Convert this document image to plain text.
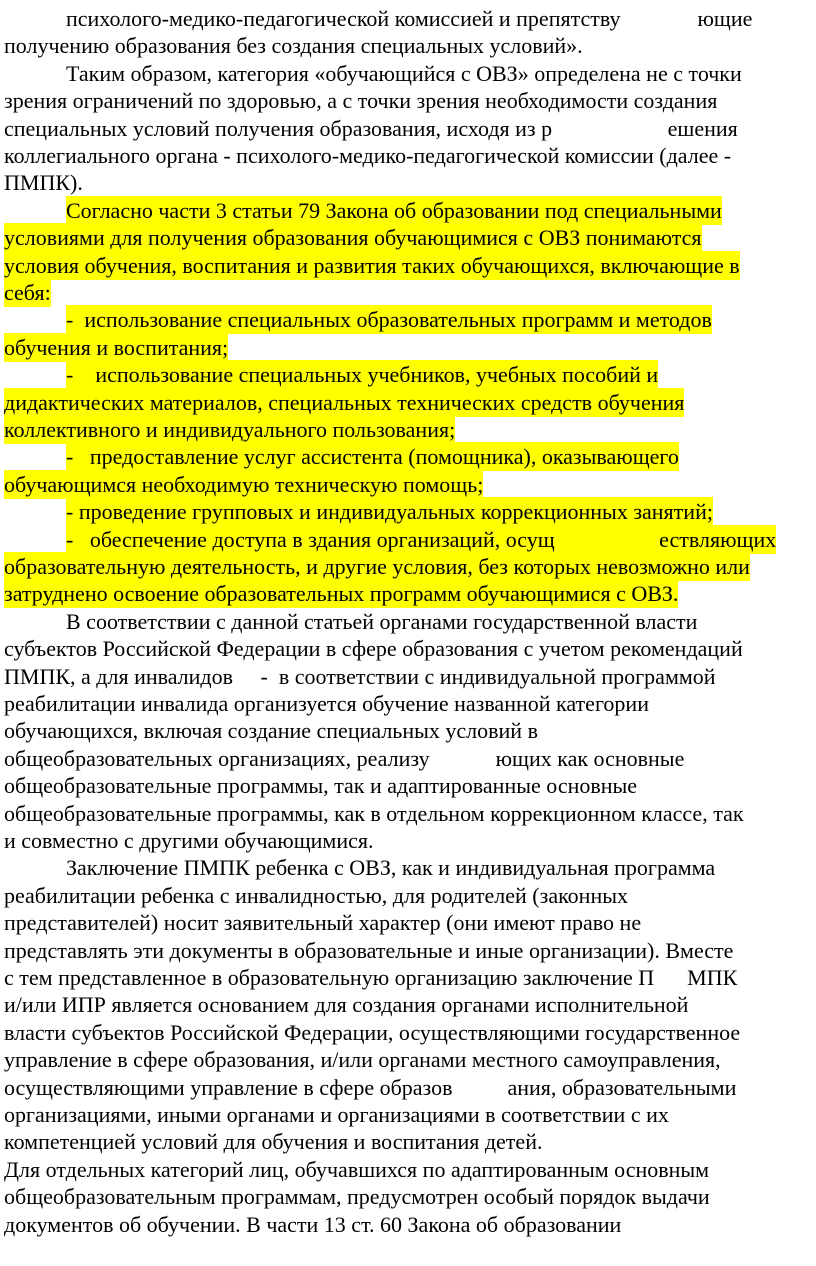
психолого-медико-педагогической комиссией и препятству              ющие
получению образования без создания специальных условий».
Таким образом, категория «обучающийся с ОВЗ» определена не с точки
зрения ограничений по здоровью, а с точки зрения необходимости создания
специальных условий получения образования, исходя из р                     ешения
коллегиального органа - психолого-медико-педагогической комиссии (далее -
ПМПК).
Согласно части 3 статьи 79 Закона об образовании под специальными
условиями для получения образования обучающимися с ОВЗ понимаются
условия обучения, воспитания и развития таких обучающихся, включающие в
себя:
-  использование специальных образовательных программ и методов
обучения и воспитания;
-    использование специальных учебников, учебных пособий и
дидактических материалов, специальных технических средств обучения
коллективного и индивидуального пользования;
-   предоставление услуг ассистента (помощника), оказывающего
обучающимся необходимую техническую помощь;
- проведение групповых и индивидуальных коррекционных занятий;
-   обеспечение доступа в здания организаций, осущ                   ествляющих
образовательную деятельность, и другие условия, без которых невозможно или
затруднено освоение образовательных программ обучающимися с ОВЗ.
В соответствии с данной статьей органами государственной власти
субъектов Российской Федерации в сфере образования с учетом рекомендаций
ПМПК, а для инвалидов     -  в соответствии с индивидуальной программой
реабилитации инвалида организуется обучение названной категории
обучающихся, включая создание специальных условий в
общеобразовательных организациях, реализу            ющих как основные
общеобразовательные программы, так и адаптированные основные
общеобразовательные программы, как в отдельном коррекционном классе, так
и совместно с другими обучающимися.
Заключение ПМПК ребенка с ОВЗ, как и индивидуальная программа
реабилитации ребенка с инвалидностью, для родителей (законных
представителей) носит заявительный характер (они имеют право не
представлять эти документы в образовательные и иные организации). Вместе
с тем представленное в образовательную организацию заключение П      МПК
и/или ИПР является основанием для создания органами исполнительной
власти субъектов Российской Федерации, осуществляющими государственное
управление в сфере образования, и/или органами местного самоуправления,
осуществляющими управление в сфере образов          ания, образовательными
организациями, иными органами и организациями в соответствии с их
компетенцией условий для обучения и воспитания детей.
Для отдельных категорий лиц, обучавшихся по адаптированным основным
общеобразовательным программам, предусмотрен особый порядок выдачи
документов об обучении. В части 13 ст. 60 Закона об образовании
